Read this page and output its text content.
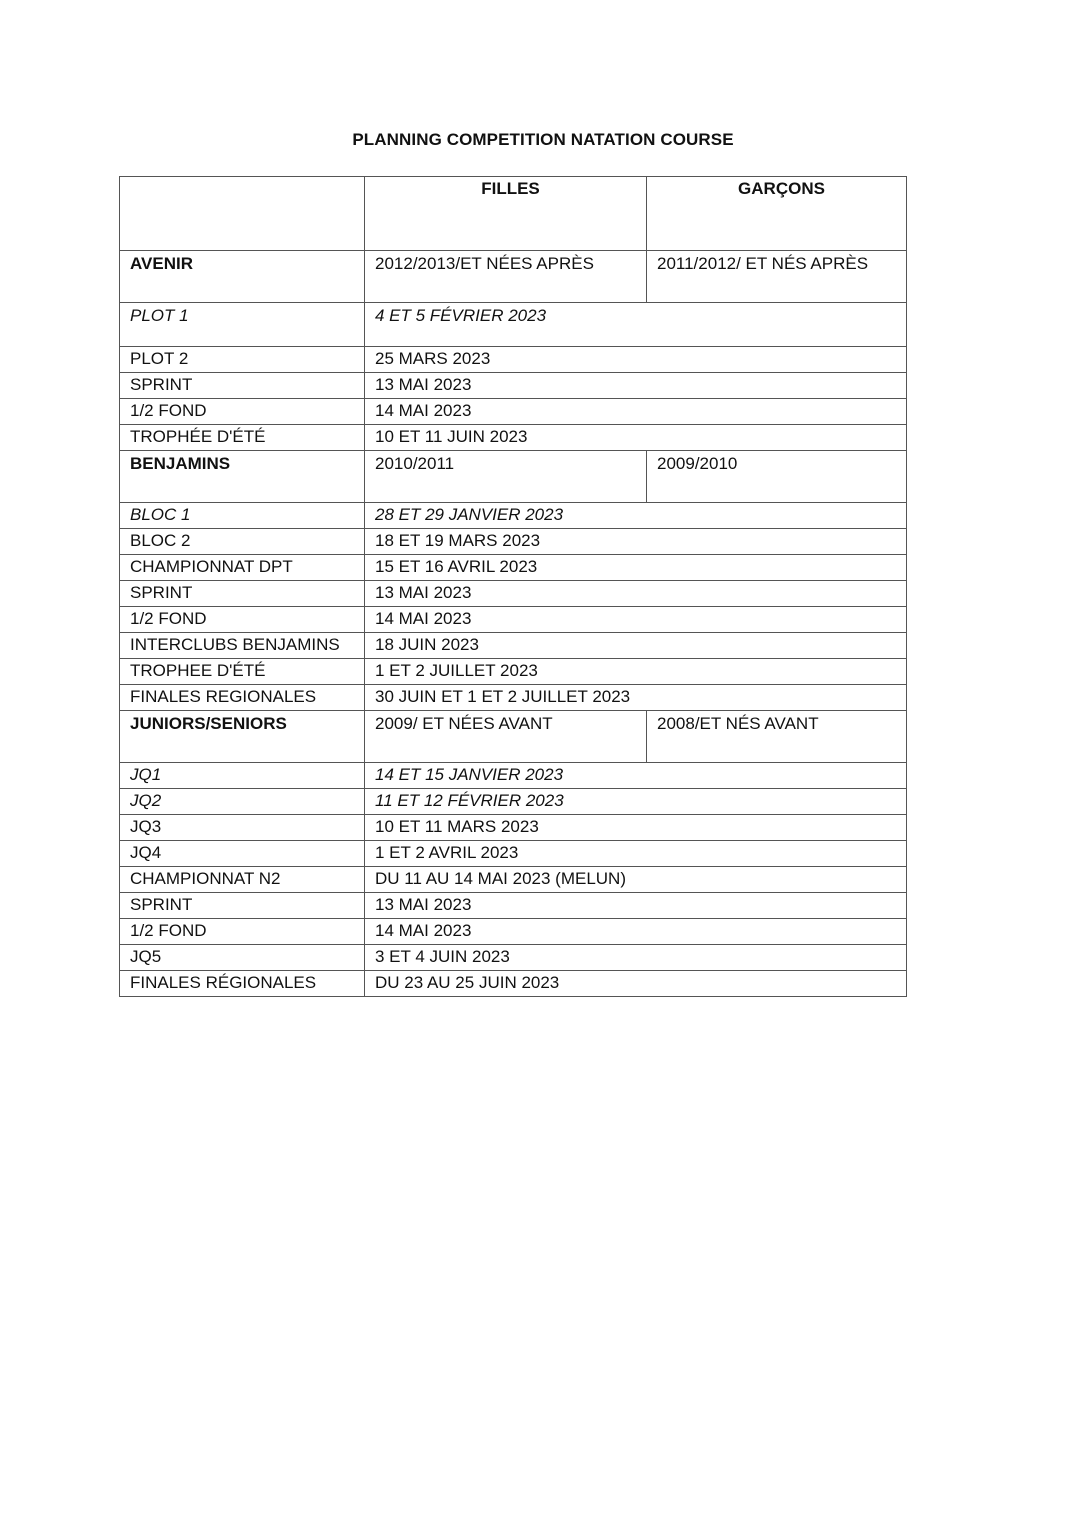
PLANNING COMPETITION NATATION COURSE
	FILLES	GARÇONS
AVENIR	2012/2013/ET NÉES APRÈS	2011/2012/ ET NÉS APRÈS
PLOT 1	4 ET 5 FÉVRIER 2023	
PLOT 2	25 MARS 2023	
SPRINT	13 MAI 2023	
1/2 FOND	14 MAI 2023	
TROPHÉE D'ÉTÉ	10 ET 11 JUIN 2023	
BENJAMINS	2010/2011	2009/2010
BLOC 1	28 ET 29 JANVIER 2023	
BLOC 2	18 ET 19 MARS 2023	
CHAMPIONNAT DPT	15 ET 16 AVRIL 2023	
SPRINT	13 MAI 2023	
1/2 FOND	14 MAI 2023	
INTERCLUBS BENJAMINS	18 JUIN 2023	
TROPHEE D'ÉTÉ	1 ET 2 JUILLET 2023	
FINALES REGIONALES	30 JUIN ET 1 ET 2 JUILLET 2023	
JUNIORS/SENIORS	2009/ ET NÉES AVANT	2008/ET NÉS AVANT
JQ1	14 ET 15 JANVIER 2023	
JQ2	11 ET 12 FÉVRIER 2023	
JQ3	10 ET 11 MARS 2023	
JQ4	1 ET 2 AVRIL 2023	
CHAMPIONNAT N2	DU 11 AU 14 MAI 2023 (MELUN)	
SPRINT	13 MAI 2023	
1/2 FOND	14 MAI 2023	
JQ5	3 ET 4 JUIN 2023	
FINALES RÉGIONALES	DU 23 AU 25 JUIN 2023	
